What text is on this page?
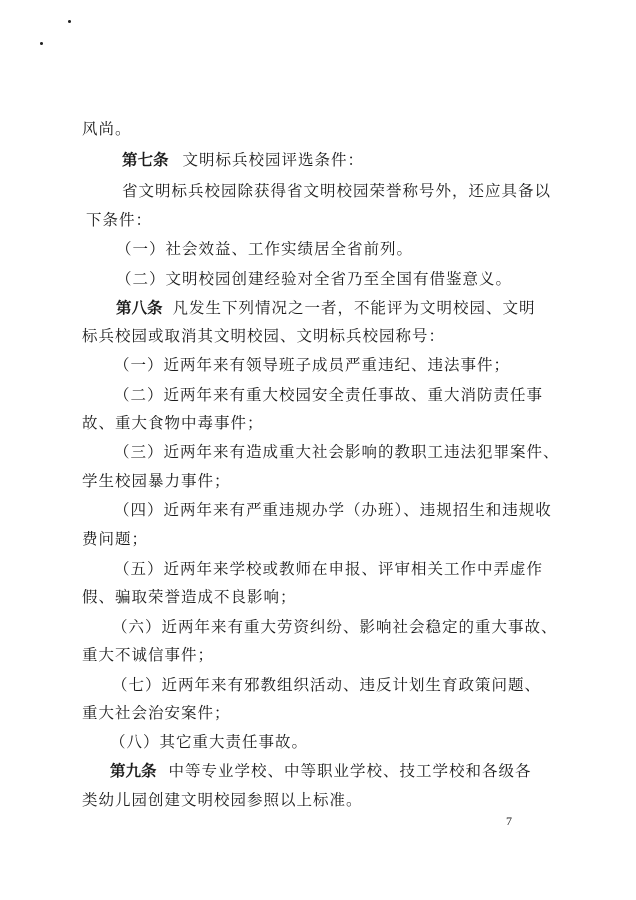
风尚。
第七条 文明标兵校园评选条件：
省文明标兵校园除获得省文明校园荣誉称号外，还应具备以
下条件：
（一）社会效益、工作实绩居全省前列。
（二）文明校园创建经验对全省乃至全国有借鉴意义。
第八条 凡发生下列情况之一者，不能评为文明校园、文明
标兵校园或取消其文明校园、文明标兵校园称号：
（一）近两年来有领导班子成员严重违纪、违法事件；
（二）近两年来有重大校园安全责任事故、重大消防责任事
故、重大食物中毒事件；
（三）近两年来有造成重大社会影响的教职工违法犯罪案件、
学生校园暴力事件；
（四）近两年来有严重违规办学（办班）、违规招生和违规收
费问题；
（五）近两年来学校或教师在申报、评审相关工作中弄虚作
假、骗取荣誉造成不良影响；
（六）近两年来有重大劳资纠纷、影响社会稳定的重大事故、
重大不诚信事件；
（七）近两年来有邪教组织活动、违反计划生育政策问题、
重大社会治安案件；
（八）其它重大责任事故。
第九条 中等专业学校、中等职业学校、技工学校和各级各
类幼儿园创建文明校园参照以上标准。
7
